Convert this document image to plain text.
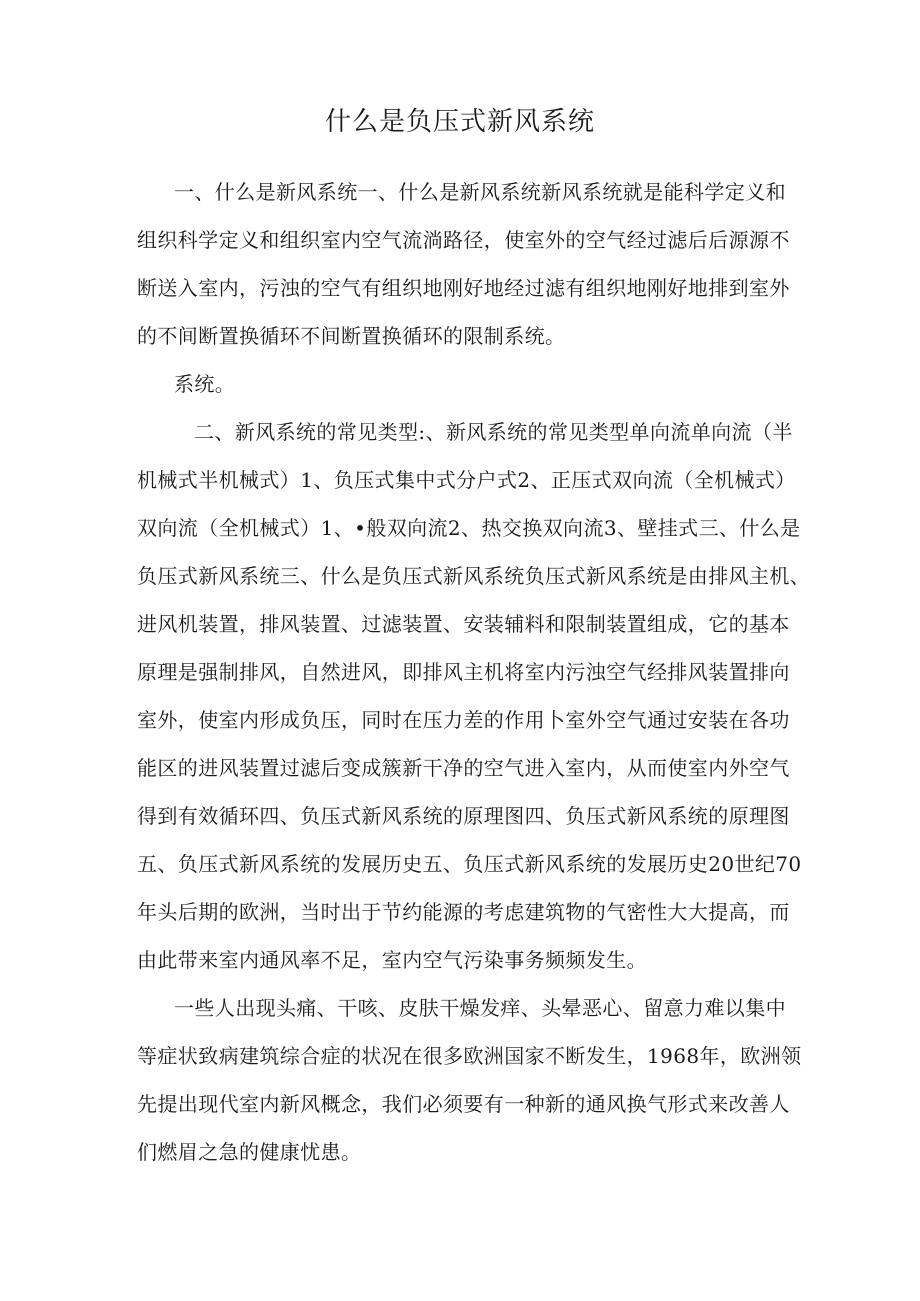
什么是负压式新风系统
一、什么是新风系统一、什么是新风系统新风系统就是能科学定义和
组织科学定义和组织室内空气流淌路径，使室外的空气经过滤后后源源不
断送入室内，污浊的空气有组织地刚好地经过滤有组织地刚好地排到室外
的不间断置换循环不间断置换循环的限制系统。
系统。
二、新风系统的常见类型:、新风系统的常见类型单向流单向流（半
机械式半机械式）1、负压式集中式分户式2、正压式双向流（全机械式）
双向流（全机械式）1、•般双向流2、热交换双向流3、壁挂式三、什么是
负压式新风系统三、什么是负压式新风系统负压式新风系统是由排风主机、
进风机装置，排风装置、过滤装置、安装辅料和限制装置组成，它的基本
原理是强制排风，自然进风，即排风主机将室内污浊空气经排风装置排向
室外，使室内形成负压，同时在压力差的作用卜室外空气通过安装在各功
能区的进风装置过滤后变成簇新干净的空气进入室内，从而使室内外空气
得到有效循环四、负压式新风系统的原理图四、负压式新风系统的原理图
五、负压式新风系统的发展历史五、负压式新风系统的发展历史20世纪70
年头后期的欧洲，当时出于节约能源的考虑建筑物的气密性大大提高，而
由此带来室内通风率不足，室内空气污染事务频频发生。
一些人出现头痛、干咳、皮肤干燥发痒、头晕恶心、留意力难以集中
等症状致病建筑综合症的状况在很多欧洲国家不断发生，1968年，欧洲领
先提出现代室内新风概念，我们必须要有一种新的通风换气形式来改善人
们燃眉之急的健康忧患。
